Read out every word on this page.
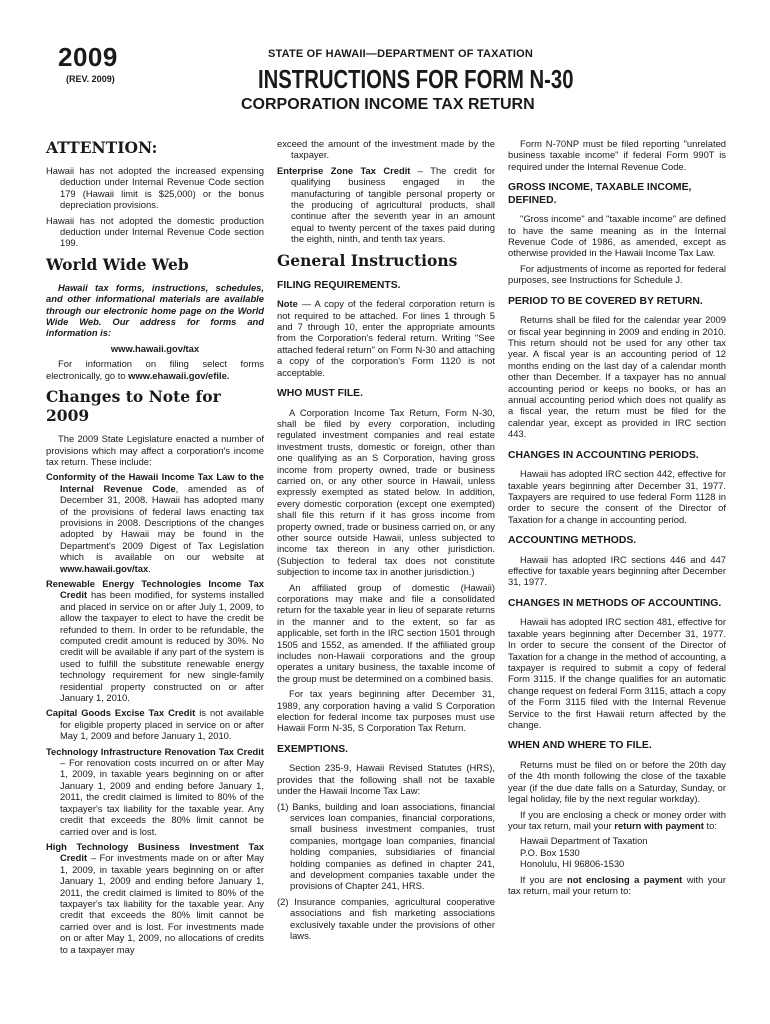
2009
(REV. 2009)
STATE OF HAWAII—DEPARTMENT OF TAXATION
INSTRUCTIONS FOR FORM N-30
CORPORATION INCOME TAX RETURN
ATTENTION:

Hawaii has not adopted the increased expensing deduction under Internal Revenue Code section 179 (Hawaii limit is $25,000) or the bonus depreciation provisions.

Hawaii has not adopted the domestic production deduction under Internal Revenue Code section 199.

World Wide Web

Hawaii tax forms, instructions, schedules, and other informational materials are available through our electronic home page on the World Wide Web. Our address for forms and information is:

www.hawaii.gov/tax

For information on filing select forms electronically, go to www.ehawaii.gov/efile.

Changes to Note for 2009

The 2009 State Legislature enacted a number of provisions which may affect a corporation's income tax return. These include:

Conformity of the Hawaii Income Tax Law to the Internal Revenue Code, amended as of December 31, 2008. Hawaii has adopted many of the provisions of federal laws enacting tax provisions in 2008. Descriptions of the changes adopted by Hawaii may be found in the Department's 2009 Digest of Tax Legislation which is available on our website at www.hawaii.gov/tax.

Renewable Energy Technologies Income Tax Credit has been modified, for systems installed and placed in service on or after July 1, 2009, to allow the taxpayer to elect to have the credit be refunded to them. In order to be refundable, the computed credit amount is reduced by 30%. No credit will be available if any part of the system is used to fulfill the substitute renewable energy technology requirement for new single-family residential property constructed on or after January 1, 2010.

Capital Goods Excise Tax Credit is not available for eligible property placed in service on or after May 1, 2009 and before January 1, 2010.

Technology Infrastructure Renovation Tax Credit – For renovation costs incurred on or after May 1, 2009, in taxable years beginning on or after January 1, 2009 and ending before January 1, 2011, the credit claimed is limited to 80% of the taxpayer's tax liability for the taxable year. Any credit that exceeds the 80% limit cannot be carried over and is lost.

High Technology Business Investment Tax Credit – For investments made on or after May 1, 2009, in taxable years beginning on or after January 1, 2009 and ending before January 1, 2011, the credit claimed is limited to 80% of the taxpayer's tax liability for the taxable year. Any credit that exceeds the 80% limit cannot be carried over and is lost. For investments made on or after May 1, 2009, no allocations of credits to a taxpayer may

exceed the amount of the investment made by the taxpayer.

Enterprise Zone Tax Credit – The credit for qualifying business engaged in the manufacturing of tangible personal property or the producing of agricultural products, shall continue after the seventh year in an amount equal to twenty percent of the taxes paid during the eighth, ninth, and tenth tax years.

General Instructions
FILING REQUIREMENTS.

Note — A copy of the federal corporation return is not required to be attached. For lines 1 through 5 and 7 through 10, enter the appropriate amounts from the Corporation's federal return. Writing "See attached federal return" on Form N-30 and attaching a copy of the corporation's Form 1120 is not acceptable.

WHO MUST FILE.

A Corporation Income Tax Return, Form N-30, shall be filed by every corporation, including regulated investment companies and real estate investment trusts, domestic or foreign, other than one qualifying as an S Corporation, having gross income from property owned, trade or business carried on, or any other source in Hawaii, unless expressly exempted as stated below. In addition, every domestic corporation (except one exempted) shall file this return if it has gross income from property owned, trade or business carried on, or any other source outside Hawaii, unless subjected to income tax thereon in any other jurisdiction. (Subjection to federal tax does not constitute subjection to income tax in another jurisdiction.)

An affiliated group of domestic (Hawaii) corporations may make and file a consolidated return for the taxable year in lieu of separate returns in the manner and to the extent, so far as applicable, set forth in the IRC section 1501 through 1505 and 1552, as amended. If the affiliated group includes non-Hawaii corporations and the group operates a unitary business, the taxable income of the group must be determined on a combined basis.

For tax years beginning after December 31, 1989, any corporation having a valid S Corporation election for federal income tax purposes must use Hawaii Form N-35, S Corporation Tax Return.

EXEMPTIONS.

Section 235-9, Hawaii Revised Statutes (HRS), provides that the following shall not be taxable under the Hawaii Income Tax Law:

(1) Banks, building and loan associations, financial services loan companies, financial corporations, small business investment companies, trust companies, mortgage loan companies, financial holding companies, subsidiaries of financial holding companies as defined in chapter 241, and development companies taxable under the provisions of Chapter 241, HRS.

(2) Insurance companies, agricultural cooperative associations and fish marketing associations exclusively taxable under the provisions of other laws.

Form N-70NP must be filed reporting "unrelated business taxable income" if federal Form 990T is required under the Internal Revenue Code.

GROSS INCOME, TAXABLE INCOME, DEFINED.

"Gross income" and "taxable income" are defined to have the same meaning as in the Internal Revenue Code of 1986, as amended, except as otherwise provided in the Hawaii Income Tax Law.

For adjustments of income as reported for federal purposes, see Instructions for Schedule J.

PERIOD TO BE COVERED BY RETURN.

Returns shall be filed for the calendar year 2009 or fiscal year beginning in 2009 and ending in 2010. This return should not be used for any other tax year. A fiscal year is an accounting period of 12 months ending on the last day of a calendar month other than December. If a taxpayer has no annual accounting period or keeps no books, or has an annual accounting period which does not qualify as a fiscal year, the return must be filed for the calendar year, except as provided in IRC section 443.

CHANGES IN ACCOUNTING PERIODS.

Hawaii has adopted IRC section 442, effective for taxable years beginning after December 31, 1977. Taxpayers are required to use federal Form 1128 in order to secure the consent of the Director of Taxation for a change in accounting period.

ACCOUNTING METHODS.

Hawaii has adopted IRC sections 446 and 447 effective for taxable years beginning after December 31, 1977.

CHANGES IN METHODS OF ACCOUNTING.

Hawaii has adopted IRC section 481, effective for taxable years beginning after December 31, 1977. In order to secure the consent of the Director of Taxation for a change in the method of accounting, a taxpayer is required to submit a copy of federal Form 3115. If the change qualifies for an automatic change request on federal Form 3115, attach a copy of the Form 3115 filed with the Internal Revenue Service to the first Hawaii return affected by the change.

WHEN AND WHERE TO FILE.

Returns must be filed on or before the 20th day of the 4th month following the close of the taxable year (if the due date falls on a Saturday, Sunday, or legal holiday, file by the next regular workday).

If you are enclosing a check or money order with your tax return, mail your return with payment to:

Hawaii Department of Taxation

P.O. Box 1530

Honolulu, HI 96806-1530

If you are not enclosing a payment with your tax return, mail your return to:
